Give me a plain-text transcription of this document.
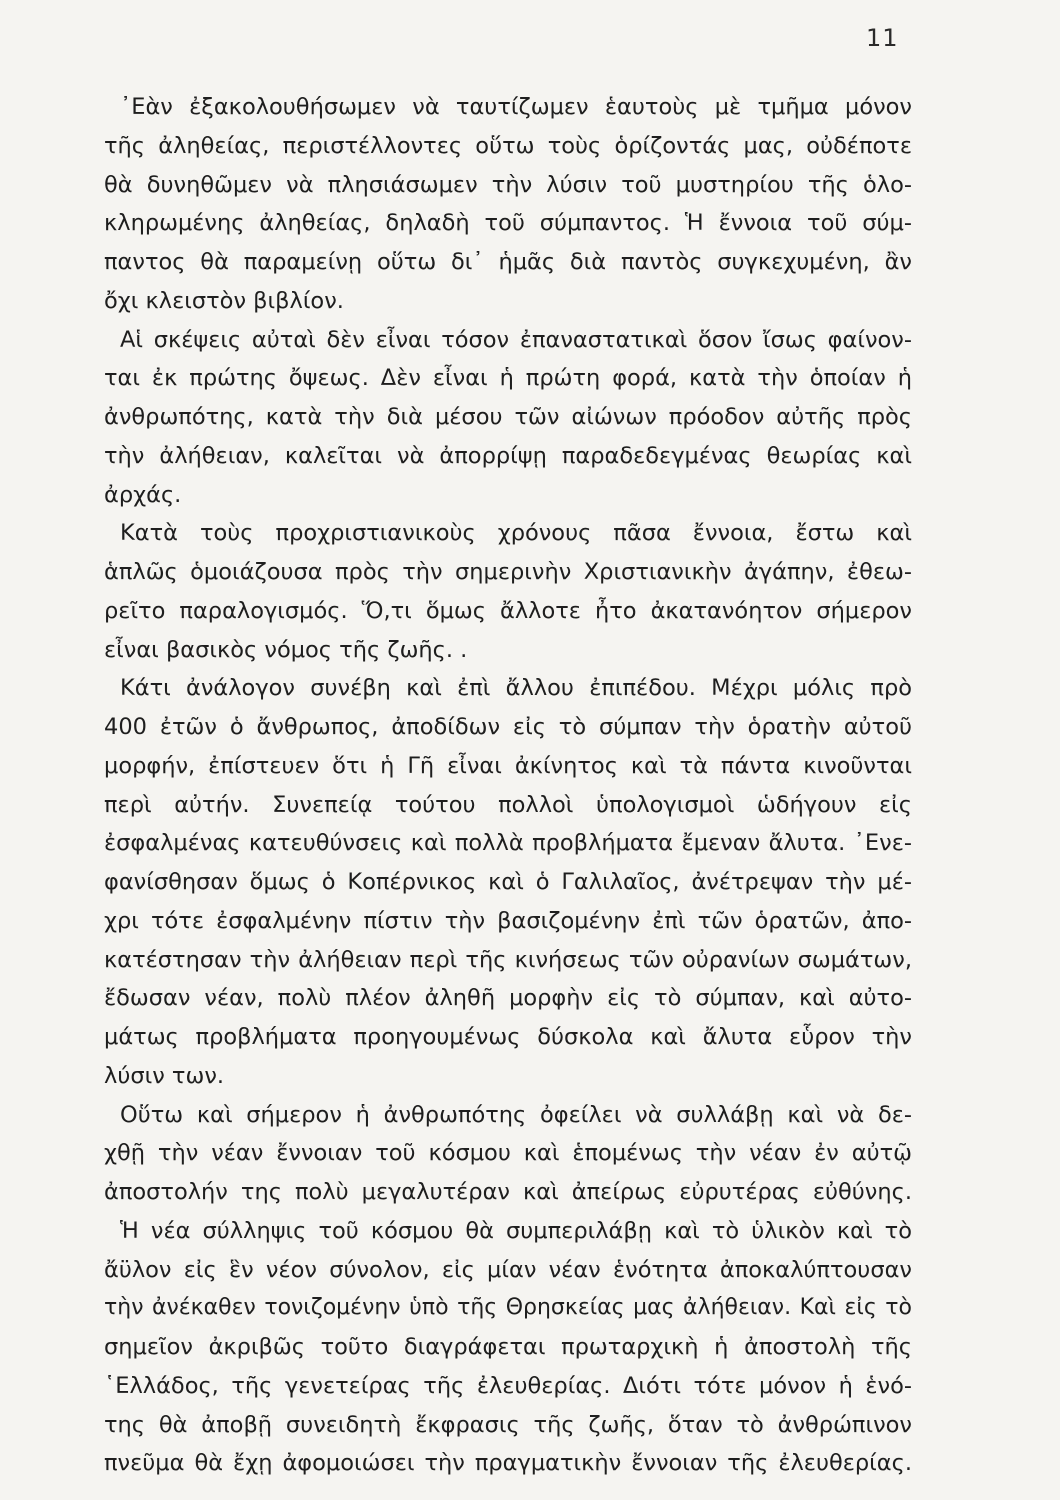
11
᾿Εὰν ἐξακολουθήσωμεν νὰ ταυτίζωμεν ἑαυτοὺς μὲ τμῆμα μόνον
τῆς ἀληθείας, περιστέλλοντες οὕτω τοὺς ὁρίζοντάς μας, οὐδέποτε
θὰ δυνηθῶμεν νὰ πλησιάσωμεν τὴν λύσιν τοῦ μυστηρίου τῆς ὁλο-
κληρωμένης ἀληθείας, δηλαδὴ τοῦ σύμπαντος. Ἡ ἔννοια τοῦ σύμ-
παντος θὰ παραμείνῃ οὕτω δι᾿ ἡμᾶς διὰ παντὸς συγκεχυμένη, ἂν
ὄχι κλειστὸν βιβλίον.
Αἱ σκέψεις αὐταὶ δὲν εἶναι τόσον ἐπαναστατικαὶ ὅσον ἴσως φαίνον-
ται ἐκ πρώτης ὄψεως. Δὲν εἶναι ἡ πρώτη φορά, κατὰ τὴν ὁποίαν ἡ
ἀνθρωπότης, κατὰ τὴν διὰ μέσου τῶν αἰώνων πρόοδον αὐτῆς πρὸς
τὴν ἀλήθειαν, καλεῖται νὰ ἀπορρίψῃ παραδεδεγμένας θεωρίας καὶ
ἀρχάς.
Κατὰ τοὺς προχριστιανικοὺς χρόνους πᾶσα ἔννοια, ἔστω καὶ
ἁπλῶς ὁμοιάζουσα πρὸς τὴν σημερινὴν Χριστιανικὴν ἀγάπην, ἐθεω-
ρεῖτο παραλογισμός. Ὅ,τι ὅμως ἄλλοτε ἦτο ἀκατανόητον σήμερον
εἶναι βασικὸς νόμος τῆς ζωῆς. .
Κάτι ἀνάλογον συνέβη καὶ ἐπὶ ἄλλου ἐπιπέδου. Μέχρι μόλις πρὸ
400 ἐτῶν ὁ ἄνθρωπος, ἀποδίδων εἰς τὸ σύμπαν τὴν ὁρατὴν αὐτοῦ
μορφήν, ἐπίστευεν ὅτι ἡ Γῆ εἶναι ἀκίνητος καὶ τὰ πάντα κινοῦνται
περὶ αὐτήν. Συνεπείᾳ τούτου πολλοὶ ὑπολογισμοὶ ὡδήγουν εἰς
ἐσφαλμένας κατευθύνσεις καὶ πολλὰ προβλήματα ἔμεναν ἄλυτα. ᾿Ενε-
φανίσθησαν ὅμως ὁ Κοπέρνικος καὶ ὁ Γαλιλαῖος, ἀνέτρεψαν τὴν μέ-
χρι τότε ἐσφαλμένην πίστιν τὴν βασιζομένην ἐπὶ τῶν ὁρατῶν, ἀπο-
κατέστησαν τὴν ἀλήθειαν περὶ τῆς κινήσεως τῶν οὐρανίων σωμάτων,
ἔδωσαν νέαν, πολὺ πλέον ἀληθῆ μορφὴν εἰς τὸ σύμπαν, καὶ αὐτο-
μάτως προβλήματα προηγουμένως δύσκολα καὶ ἄλυτα εὗρον τὴν
λύσιν των.
Οὕτω καὶ σήμερον ἡ ἀνθρωπότης ὀφείλει νὰ συλλάβῃ καὶ νὰ δε-
χθῇ τὴν νέαν ἔννοιαν τοῦ κόσμου καὶ ἑπομένως τὴν νέαν ἐν αὐτῷ
ἀποστολήν της πολὺ μεγαλυτέραν καὶ ἀπείρως εὐρυτέρας εὐθύνης.
Ἡ νέα σύλληψις τοῦ κόσμου θὰ συμπεριλάβῃ καὶ τὸ ὑλικὸν καὶ τὸ
ἄϋλον εἰς ἓν νέον σύνολον, εἰς μίαν νέαν ἑνότητα ἀποκαλύπτουσαν
τὴν ἀνέκαθεν τονιζομένην ὑπὸ τῆς Θρησκείας μας ἀλήθειαν. Καὶ εἰς τὸ
σημεῖον ἀκριβῶς τοῦτο διαγράφεται πρωταρχικὴ ἡ ἀποστολὴ τῆς
῾Ελλάδος, τῆς γενετείρας τῆς ἐλευθερίας. Διότι τότε μόνον ἡ ἑνό-
της θὰ ἀποβῇ συνειδητὴ ἔκφρασις τῆς ζωῆς, ὅταν τὸ ἀνθρώπινον
πνεῦμα θὰ ἔχῃ ἀφομοιώσει τὴν πραγματικὴν ἔννοιαν τῆς ἐλευθερίας.
